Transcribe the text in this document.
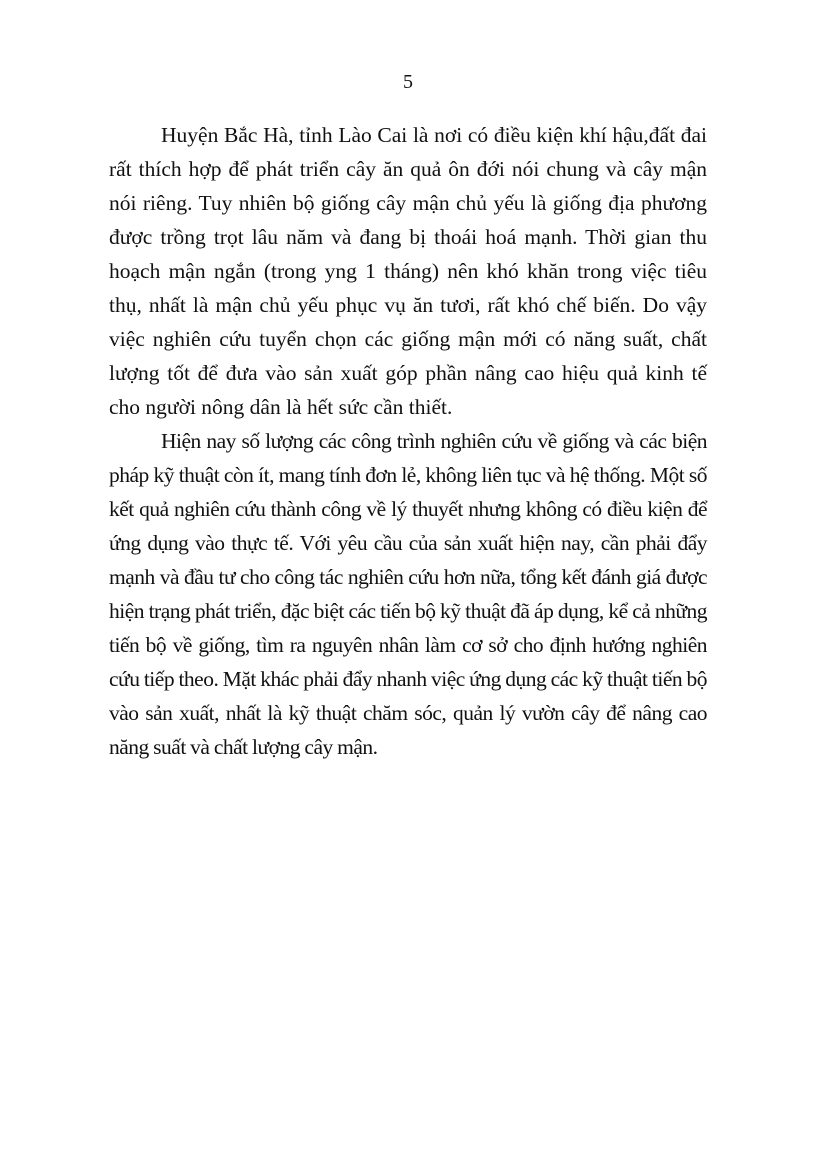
5

Huyện Bắc Hà, tỉnh Lào Cai là nơi có điều kiện khí hậu,đất đai rất thích hợp để phát triển cây ăn quả ôn đới nói chung và cây mận nói riêng. Tuy nhiên bộ giống cây mận chủ yếu là giống địa phương được trồng trọt lâu năm và đang bị thoái hoá mạnh. Thời gian thu hoạch mận ngắn (trong yng 1 tháng) nên khó khăn trong việc tiêu thụ, nhất là mận chủ yếu phục vụ ăn tươi, rất khó chế biến. Do vậy việc nghiên cứu tuyển chọn các giống mận mới có năng suất, chất lượng tốt để đưa vào sản xuất góp phần nâng cao hiệu quả kinh tế cho người nông dân là hết sức cần thiết.

Hiện nay số lượng các công trình nghiên cứu về giống và các biện pháp kỹ thuật còn ít, mang tính đơn lẻ, không liên tục và hệ thống. Một số kết quả nghiên cứu thành công về lý thuyết nhưng không có điều kiện để ứng dụng vào thực tế. Với yêu cầu của sản xuất hiện nay, cần phải đẩy mạnh và đầu tư cho công tác nghiên cứu hơn nữa, tổng kết đánh giá được hiện trạng phát triển, đặc biệt các tiến bộ kỹ thuật đã áp dụng, kể cả những tiến bộ về giống, tìm ra nguyên nhân làm cơ sở cho định hướng nghiên cứu tiếp theo. Mặt khác phải đẩy nhanh việc ứng dụng các kỹ thuật tiến bộ vào sản xuất, nhất là kỹ thuật chăm sóc, quản lý vườn cây để nâng cao năng suất và chất lượng cây mận.
